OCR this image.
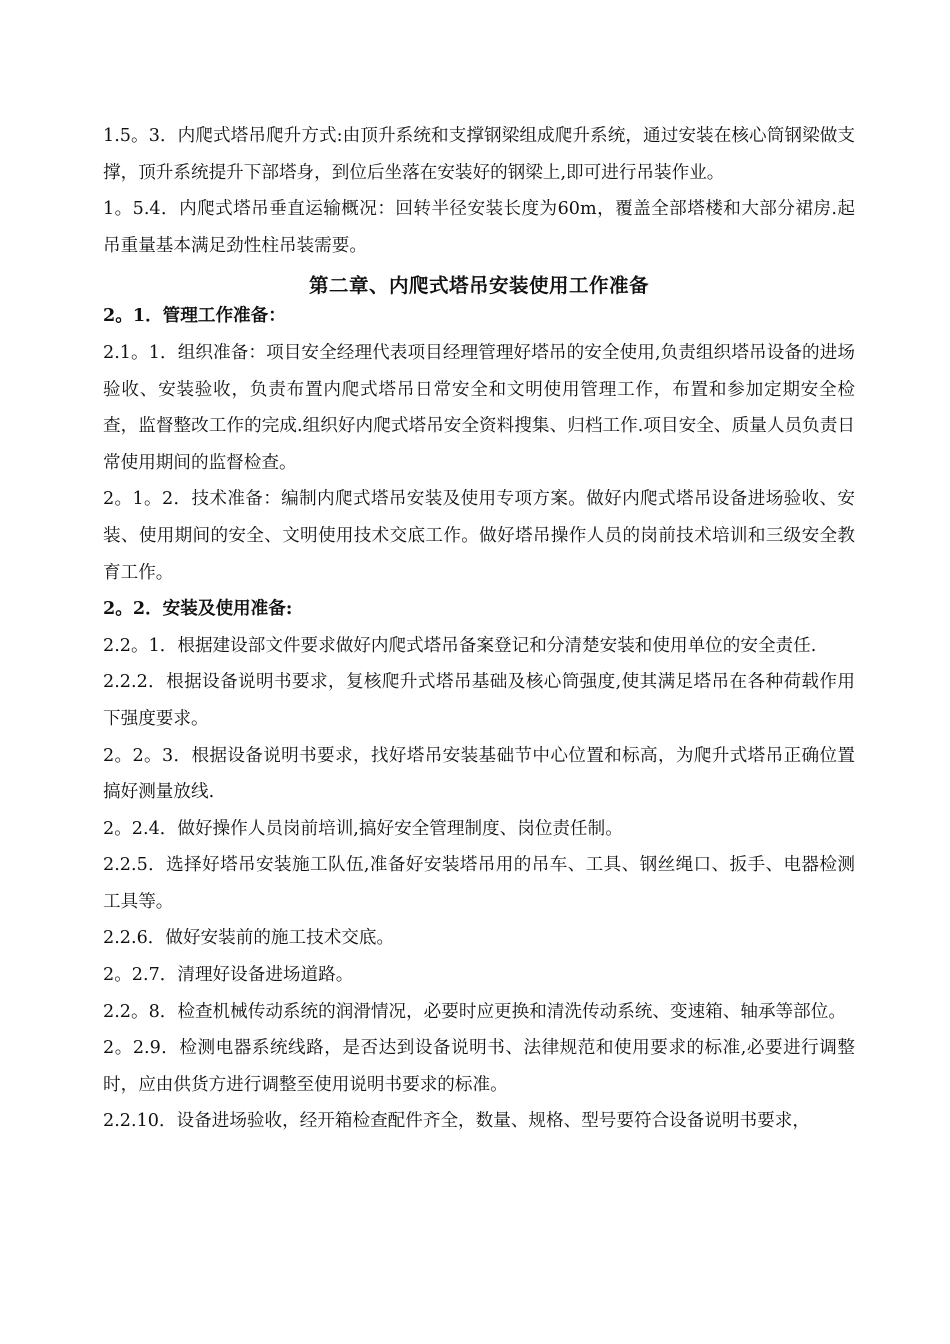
1.5。3．内爬式塔吊爬升方式:由顶升系统和支撑钢梁组成爬升系统，通过安装在核心筒钢梁做支撑，顶升系统提升下部塔身，到位后坐落在安装好的钢梁上,即可进行吊装作业。

1。5.4．内爬式塔吊垂直运输概况：回转半径安装长度为60m，覆盖全部塔楼和大部分裙房.起吊重量基本满足劲性柱吊装需要。

第二章、内爬式塔吊安装使用工作准备

2。1．管理工作准备：

2.1。1．组织准备：项目安全经理代表项目经理管理好塔吊的安全使用,负责组织塔吊设备的进场验收、安装验收，负责布置内爬式塔吊日常安全和文明使用管理工作，布置和参加定期安全检查，监督整改工作的完成.组织好内爬式塔吊安全资料搜集、归档工作.项目安全、质量人员负责日常使用期间的监督检查。

2。1。2．技术准备：编制内爬式塔吊安装及使用专项方案。做好内爬式塔吊设备进场验收、安装、使用期间的安全、文明使用技术交底工作。做好塔吊操作人员的岗前技术培训和三级安全教育工作。

2。2．安装及使用准备:

2.2。1．根据建设部文件要求做好内爬式塔吊备案登记和分清楚安装和使用单位的安全责任.

2.2.2．根据设备说明书要求，复核爬升式塔吊基础及核心筒强度,使其满足塔吊在各种荷载作用下强度要求。

2。2。3．根据设备说明书要求，找好塔吊安装基础节中心位置和标高，为爬升式塔吊正确位置搞好测量放线.

2。2.4．做好操作人员岗前培训,搞好安全管理制度、岗位责任制。

2.2.5．选择好塔吊安装施工队伍,准备好安装塔吊用的吊车、工具、钢丝绳口、扳手、电器检测工具等。

2.2.6．做好安装前的施工技术交底。

2。2.7．清理好设备进场道路。

2.2。8．检查机械传动系统的润滑情况，必要时应更换和清洗传动系统、变速箱、轴承等部位。

2。2.9．检测电器系统线路，是否达到设备说明书、法律规范和使用要求的标准,必要进行调整时，应由供货方进行调整至使用说明书要求的标准。

2.2.10．设备进场验收，经开箱检查配件齐全，数量、规格、型号要符合设备说明书要求，
